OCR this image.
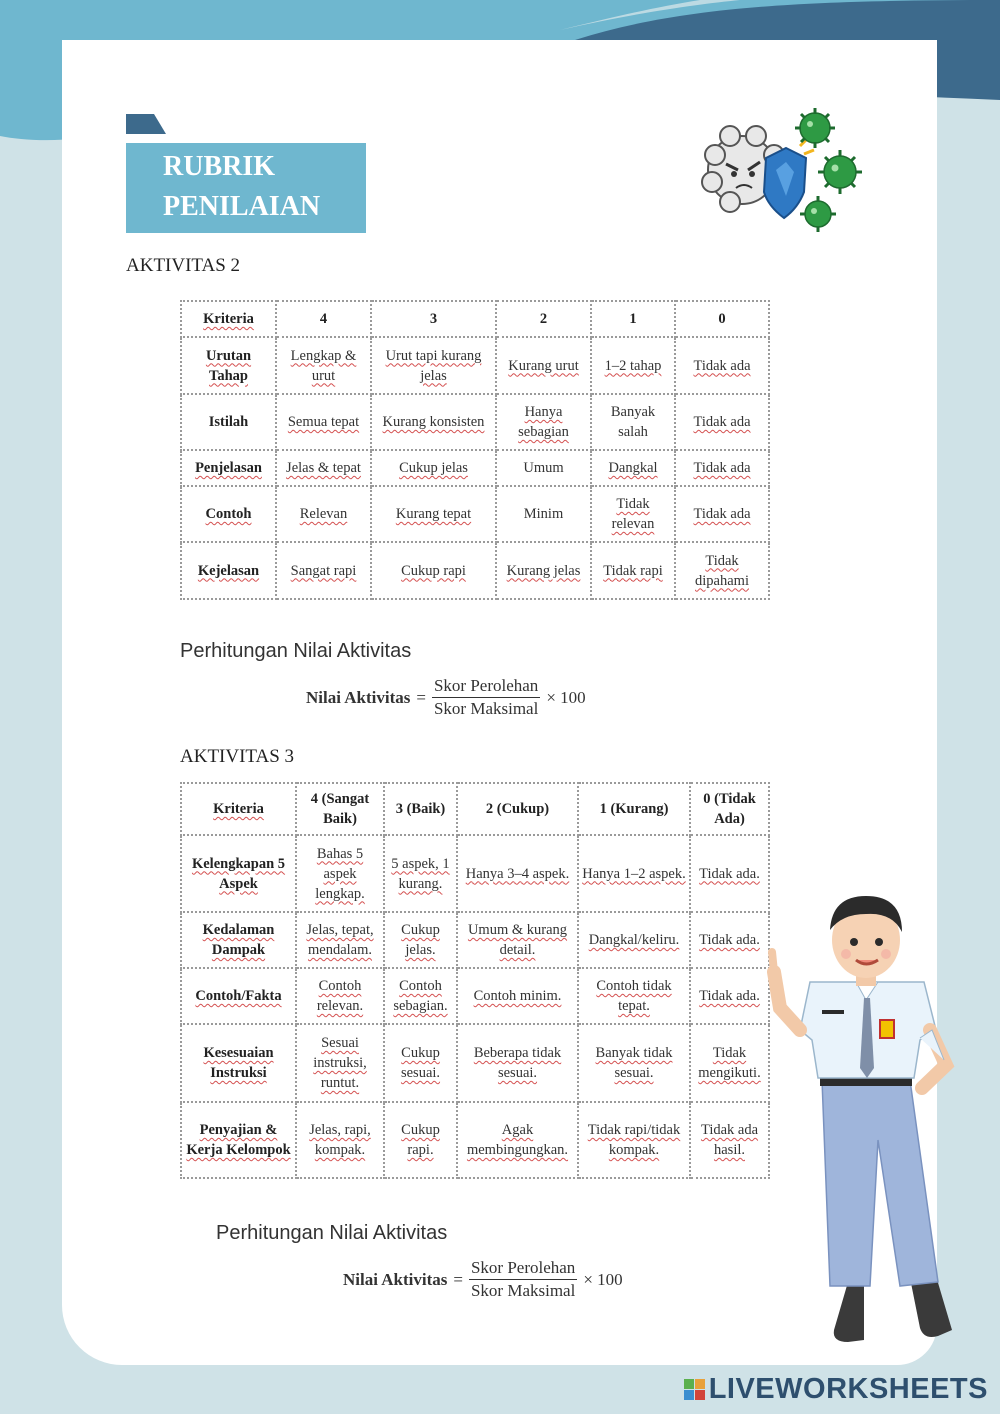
RUBRIK
PENILAIAN
AKTIVITAS 2
Kriteria	4	3	2	1	0
Urutan Tahap	Lengkap & urut	Urut tapi kurang jelas	Kurang urut	1–2 tahap	Tidak ada
Istilah	Semua tepat	Kurang konsisten	Hanya sebagian	Banyak salah	Tidak ada
Penjelasan	Jelas & tepat	Cukup jelas	Umum	Dangkal	Tidak ada
Contoh	Relevan	Kurang tepat	Minim	Tidak relevan	Tidak ada
Kejelasan	Sangat rapi	Cukup rapi	Kurang jelas	Tidak rapi	Tidak dipahami
Perhitungan Nilai Aktivitas
Nilai Aktivitas = $\frac{\text{Skor Perolehan}}{\text{Skor Maksimal}} \times 100$
AKTIVITAS 3
Kriteria	4 (Sangat Baik)	3 (Baik)	2 (Cukup)	1 (Kurang)	0 (Tidak Ada)
Kelengkapan 5 Aspek	Bahas 5 aspek lengkap.	5 aspek, 1 kurang.	Hanya 3–4 aspek.	Hanya 1–2 aspek.	Tidak ada.
Kedalaman Dampak	Jelas, tepat, mendalam.	Cukup jelas.	Umum & kurang detail.	Dangkal/keliru.	Tidak ada.
Contoh/Fakta	Contoh relevan.	Contoh sebagian.	Contoh minim.	Contoh tidak tepat.	Tidak ada.
Kesesuaian Instruksi	Sesuai instruksi, runtut.	Cukup sesuai.	Beberapa tidak sesuai.	Banyak tidak sesuai.	Tidak mengikuti.
Penyajian & Kerja Kelompok	Jelas, rapi, kompak.	Cukup rapi.	Agak membingungkan.	Tidak rapi/tidak kompak.	Tidak ada hasil.
Perhitungan Nilai Aktivitas
Nilai Aktivitas = $\frac{\text{Skor Perolehan}}{\text{Skor Maksimal}} \times 100$
LIVEWORKSHEETS
